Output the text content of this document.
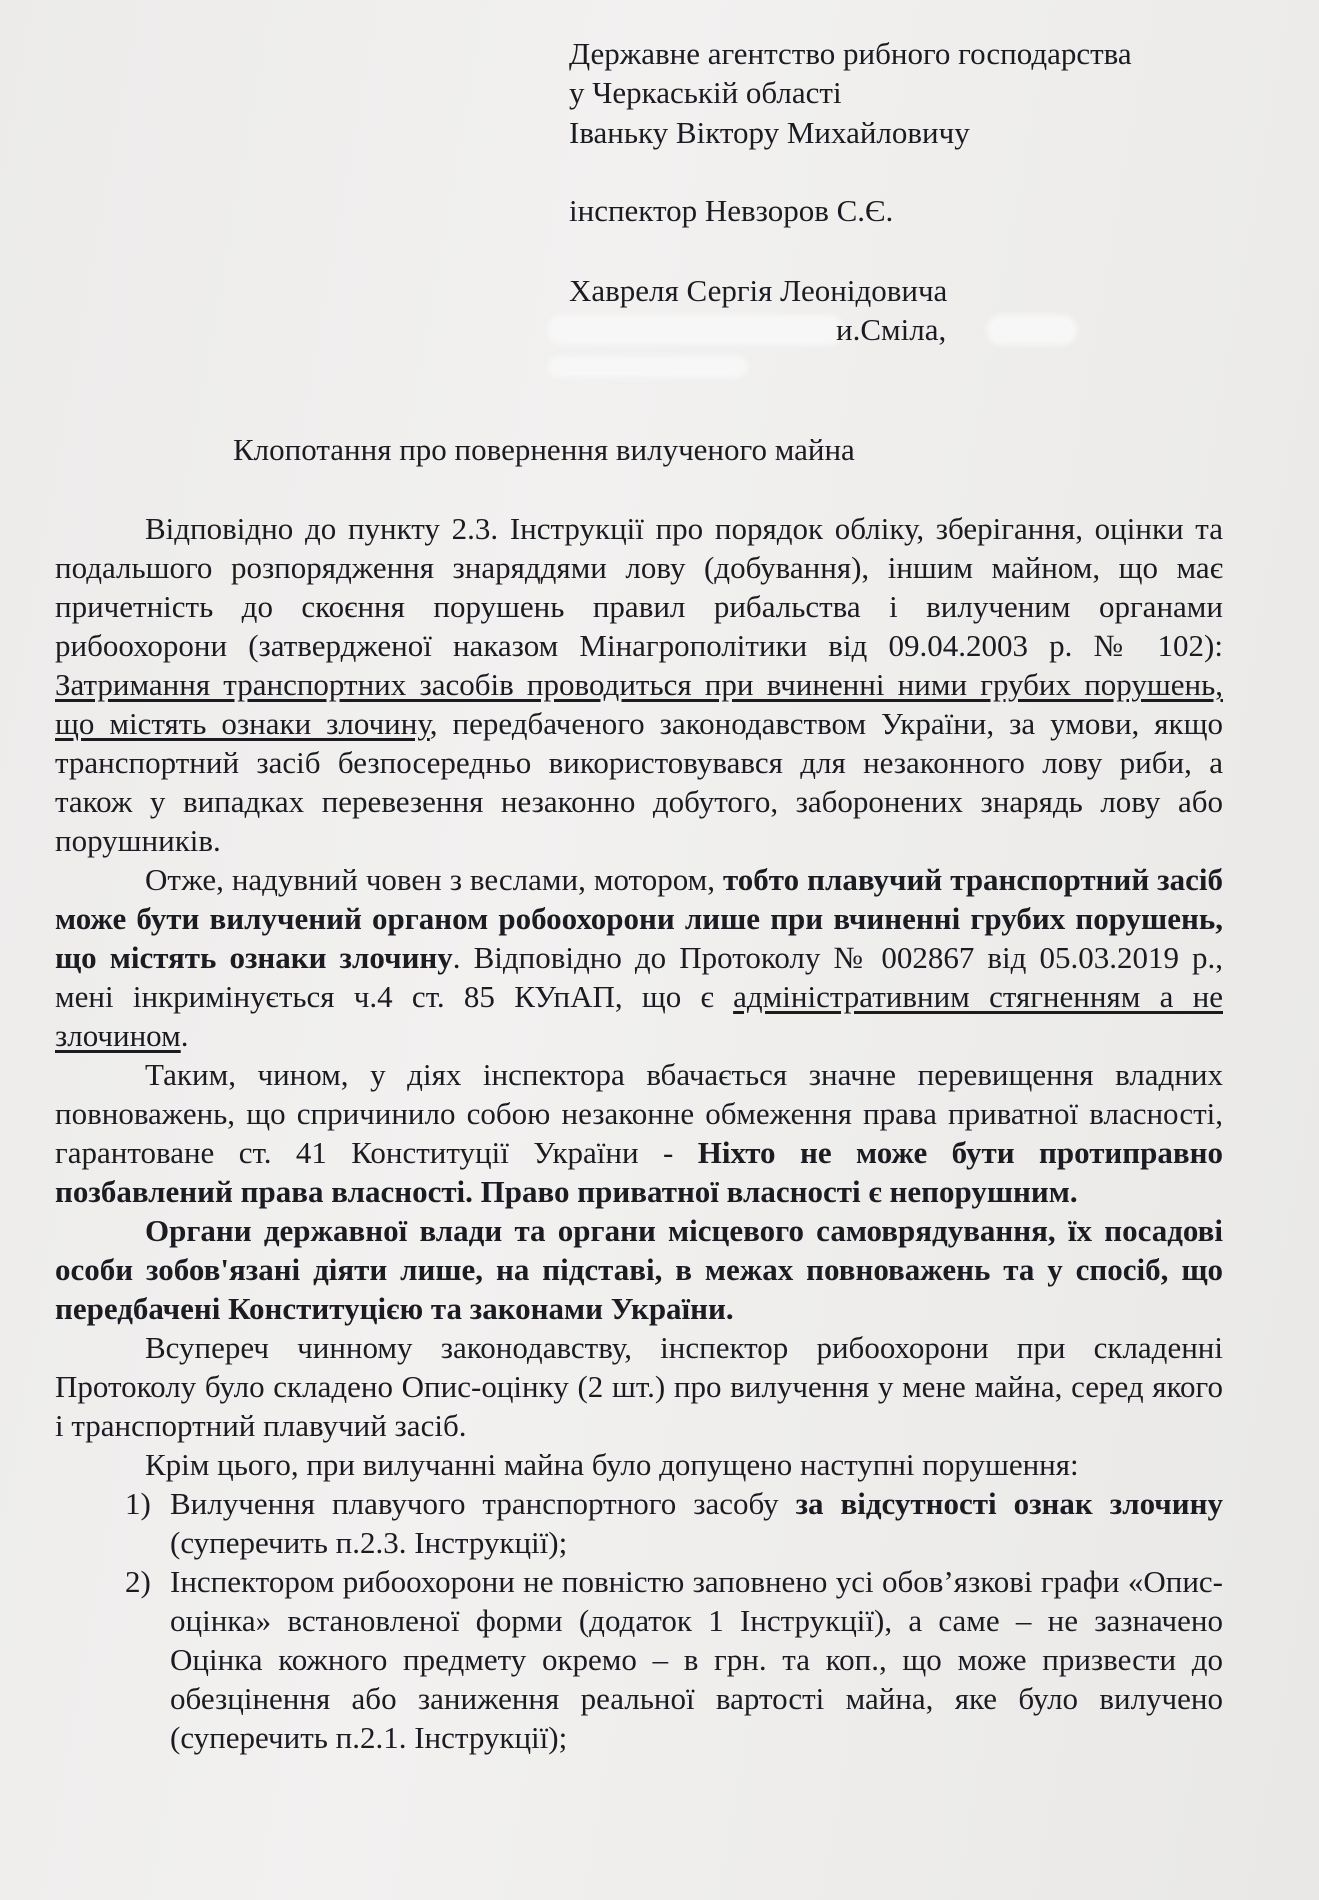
Державне агентство рибного господарства
у Черкаській області
Іваньку Віктору Михайловичу
інспектор Невзоров С.Є.
Хавреля Сергія Леонідовича
и.Сміла,
Клопотання про повернення вилученого майна

Відповідно до пункту 2.3. Інструкції про порядок обліку, зберігання, оцінки та подальшого розпорядження знаряддями лову (добування), іншим майном, що має причетність до скоєння порушень правил рибальства і вилученим органами рибоохорони (затвердженої наказом Мінагрополітики від 09.04.2003 р. № 102): Затримання транспортних засобів проводиться при вчиненні ними грубих порушень, що містять ознаки злочину, передбаченого законодавством України, за умови, якщо транспортний засіб безпосередньо використовувався для незаконного лову риби, а також у випадках перевезення незаконно добутого, заборонених знарядь лову або порушників.

Отже, надувний човен з веслами, мотором, тобто плавучий транспортний засіб може бути вилучений органом робоохорони лише при вчиненні грубих порушень, що містять ознаки злочину. Відповідно до Протоколу № 002867 від 05.03.2019 р., мені інкримінується ч.4 ст. 85 КУпАП, що є адміністративним стягненням а не злочином.

Таким, чином, у діях інспектора вбачається значне перевищення владних повноважень, що спричинило собою незаконне обмеження права приватної власності, гарантоване ст. 41 Конституції України - Ніхто не може бути протиправно позбавлений права власності. Право приватної власності є непорушним.

Органи державної влади та органи місцевого самоврядування, їх посадові особи зобов'язані діяти лише, на підставі, в межах повноважень та у спосіб, що передбачені Конституцією та законами України.

Всупереч чинному законодавству, інспектор рибоохорони при складенні Протоколу було складено Опис-оцінку (2 шт.) про вилучення у мене майна, серед якого і транспортний плавучий засіб.

Крім цього, при вилучанні майна було допущено наступні порушення:

1) Вилучення плавучого транспортного засобу за відсутності ознак злочину (суперечить п.2.3. Інструкції);

2) Інспектором рибоохорони не повністю заповнено усі обов’язкові графи «Опис-оцінка» встановленої форми (додаток 1 Інструкції), а саме – не зазначено Оцінка кожного предмету окремо – в грн. та коп., що може призвести до обезцінення або заниження реальної вартості майна, яке було вилучено (суперечить п.2.1. Інструкції);
